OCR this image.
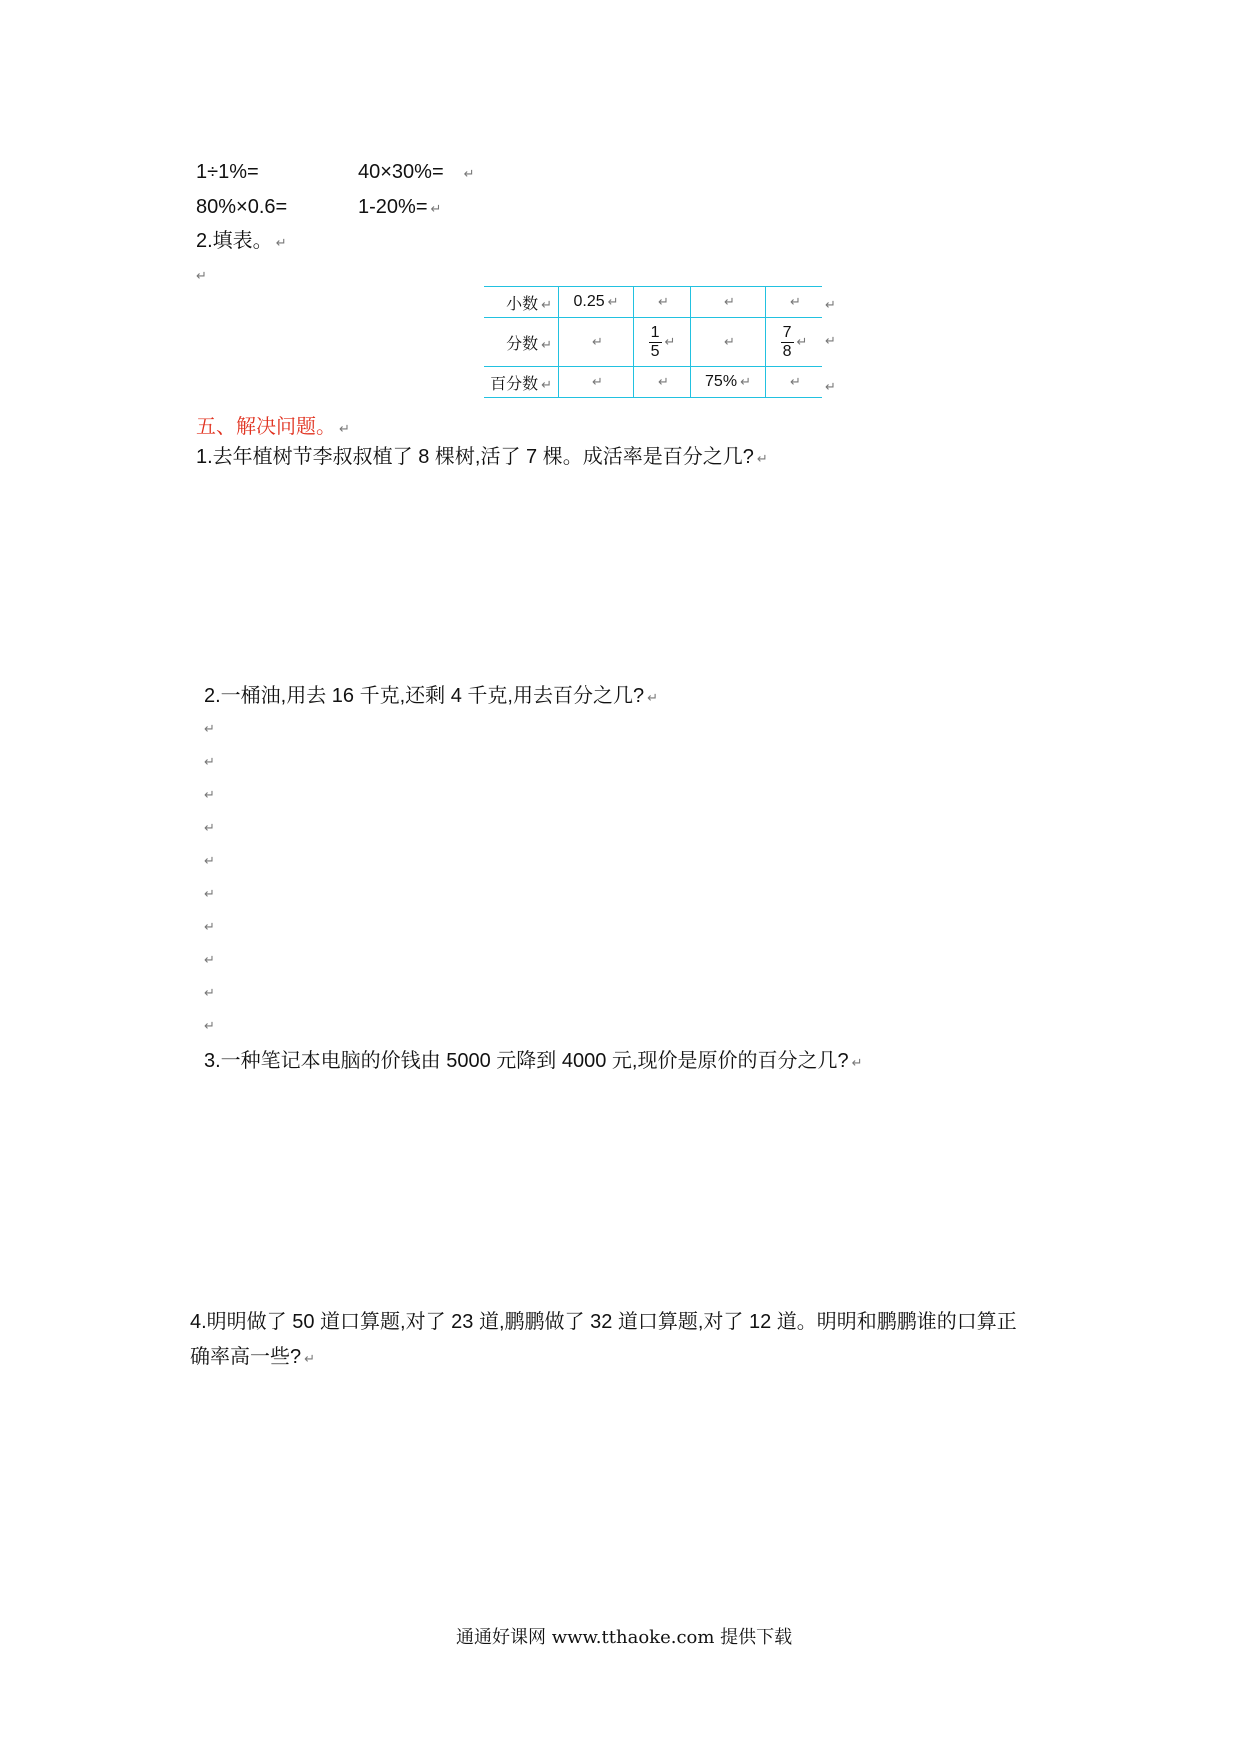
1÷1%=	40×30%= ↵
80%×0.6=	1-20%= ↵
2.填表。 ↵
↵
小数 ↵	0.25 ↵	↵	↵	↵
分数 ↵	↵	$\frac{1}{5}$ ↵	↵	$\frac{7}{8}$ ↵
百分数 ↵	↵	↵	75% ↵	↵
↵
↵
↵
五、解决问题。 ↵
1.去年植树节李叔叔植了 8 棵树,活了 7 棵。成活率是百分之几? ↵
2.一桶油,用去 16 千克,还剩 4 千克,用去百分之几? ↵
↵
↵
↵
↵
↵
↵
↵
↵
↵
↵
3.一种笔记本电脑的价钱由 5000 元降到 4000 元,现价是原价的百分之几? ↵
4.明明做了 50 道口算题,对了 23 道,鹏鹏做了 32 道口算题,对了 12 道。明明和鹏鹏谁的口算正
确率高一些? ↵
通通好课网 www.tthaoke.com 提供下载
